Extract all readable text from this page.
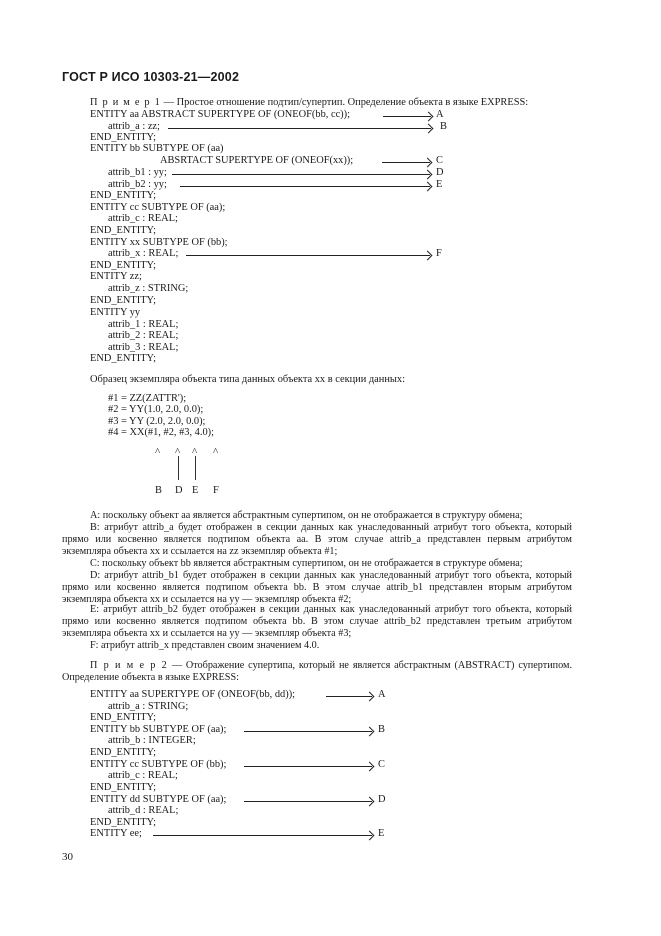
ГОСТ Р ИСО 10303-21—2002
П р и м е р 1 — Простое отношение подтип/супертип. Определение объекта в языке EXPRESS:
ENTITY aa ABSTRACT SUPERTYPE OF (ONEOF(bb, cc));	A
attrib_a : zz;	B
END_ENTITY;
ENTITY bb SUBTYPE OF (aa)
ABSRTACT SUPERTYPE OF (ONEOF(xx));	C
attrib_b1 : yy;	D
attrib_b2 : yy;	E
END_ENTITY;
ENTITY cc SUBTYPE OF (aa);
attrib_c : REAL;
END_ENTITY;
ENTITY xx SUBTYPE OF (bb);
attrib_x : REAL;	F
END_ENTITY;
ENTITY zz;
attrib_z : STRING;
END_ENTITY;
ENTITY yy
attrib_1 : REAL;
attrib_2 : REAL;
attrib_3 : REAL;
END_ENTITY;
Образец экземпляра объекта типа данных объекта xx в секции данных:
#1 = ZZ(ZATTR');
#2 = YY(1.0, 2.0, 0.0);
#3 = YY (2.0, 2.0, 0.0);
#4 = XX(#1, #2, #3, 4.0);
^ ^ ^ ^
B D E F
A: поскольку объект aa является абстрактным супертипом, он не отображается в структуру обмена;
B: атрибут attrib_a будет отображен в секции данных как унаследованный атрибут того объекта, который прямо или косвенно является подтипом объекта aa. В этом случае attrib_a представлен первым атрибутом экземпляра объекта xx и ссылается на zz экземпляр объекта #1;
C: поскольку объект bb является абстрактным супертипом, он не отображается в структуре обмена;
D: атрибут attrib_b1 будет отображен в секции данных как унаследованный атрибут того объекта, который прямо или косвенно является подтипом объекта bb. В этом случае attrib_b1 представлен вторым атрибутом экземпляра объекта xx и ссылается на yy — экземпляр объекта #2;
E: атрибут attrib_b2 будет отображен в секции данных как унаследованный атрибут того объекта, который прямо или косвенно является подтипом объекта bb. В этом случае attrib_b2 представлен третьим атрибутом экземпляра объекта xx и ссылается на yy — экземпляр объекта #3;
F: атрибут attrib_x представлен своим значением 4.0.
П р и м е р 2 — Отображение супертипа, который не является абстрактным (ABSTRACT) супертипом. Определение объекта в языке EXPRESS:
ENTITY aa SUPERTYPE OF (ONEOF(bb, dd));	A
attrib_a : STRING;
END_ENTITY;
ENTITY bb SUBTYPE OF (aa);	B
attrib_b : INTEGER;
END_ENTITY;
ENTITY cc SUBTYPE OF (bb);	C
attrib_c : REAL;
END_ENTITY;
ENTITY dd SUBTYPE OF (aa);	D
attrib_d : REAL;
END_ENTITY;
ENTITY ee;	E
30
